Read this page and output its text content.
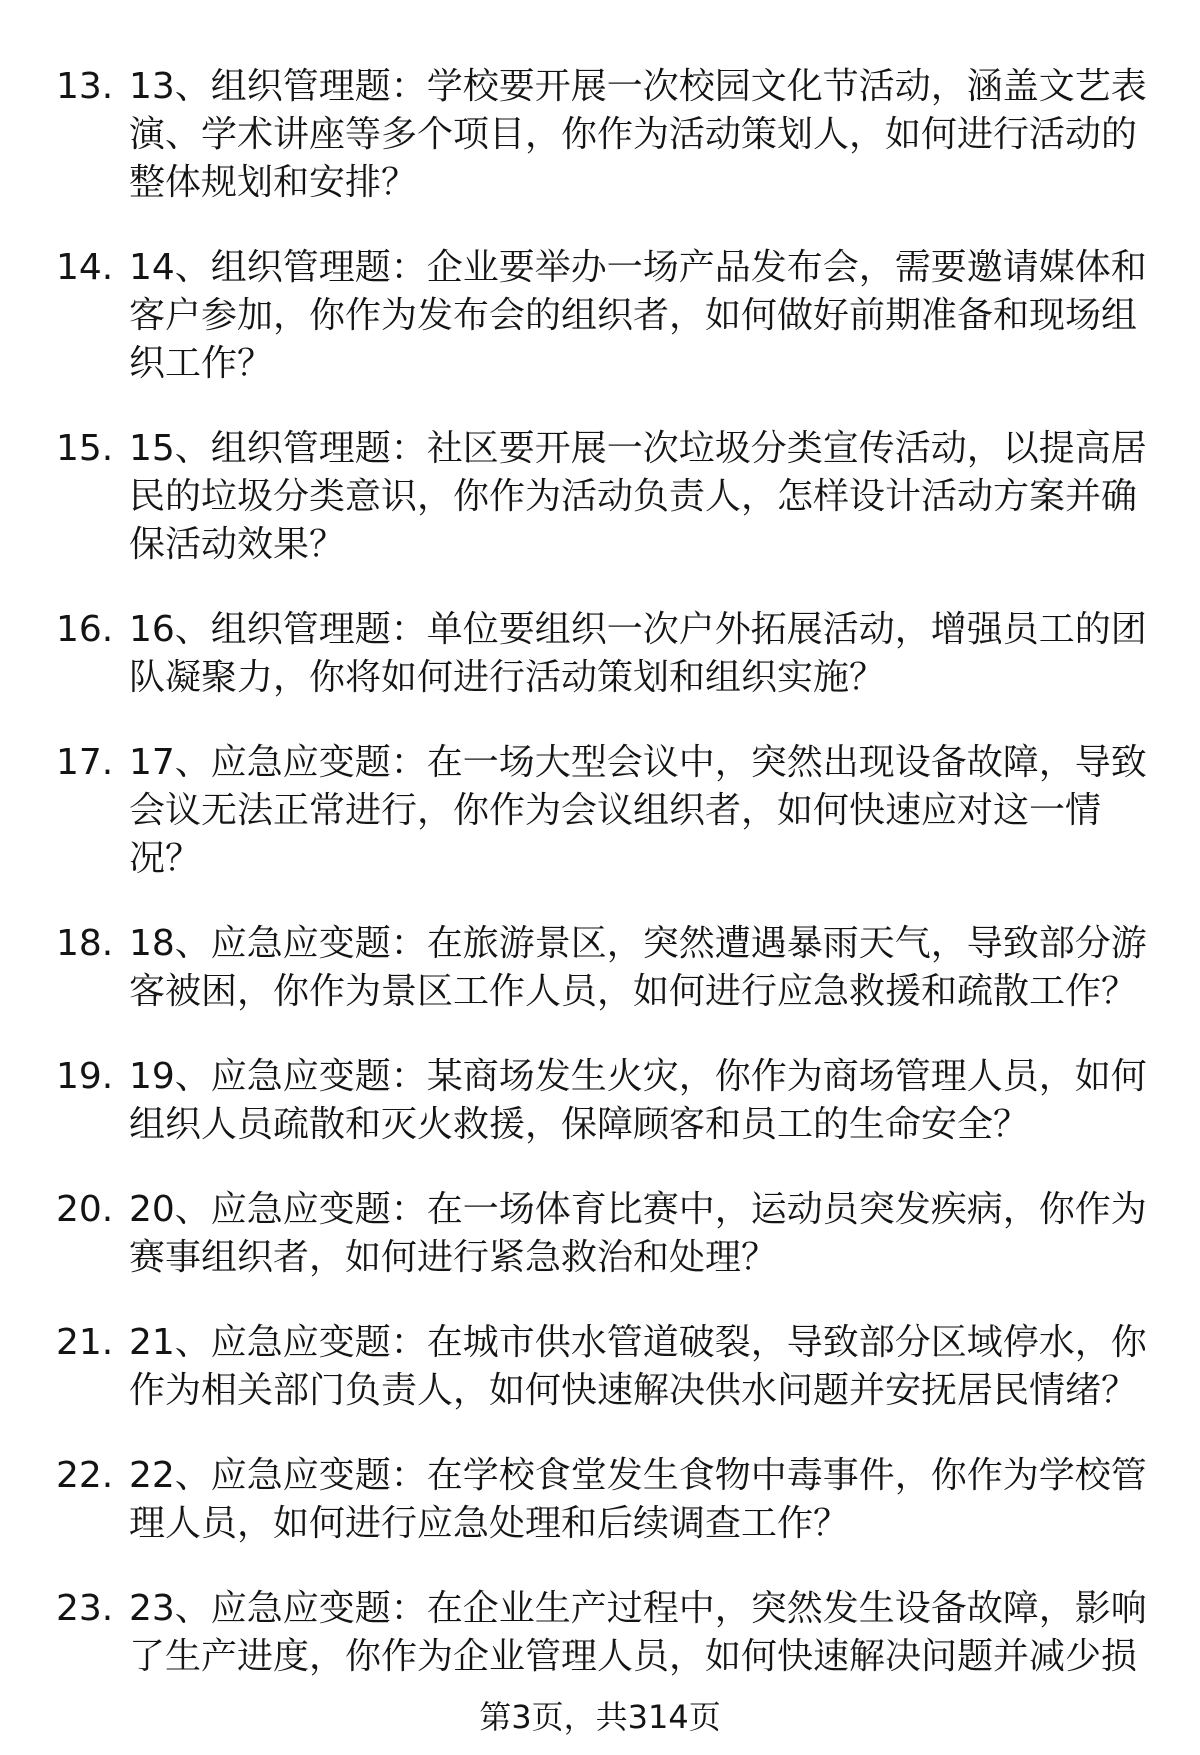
13. 13、组织管理题：学校要开展一次校园文化节活动，涵盖文艺表
演、学术讲座等多个项目，你作为活动策划人，如何进行活动的
整体规划和安排？
14. 14、组织管理题：企业要举办一场产品发布会，需要邀请媒体和
客户参加，你作为发布会的组织者，如何做好前期准备和现场组
织工作？
15. 15、组织管理题：社区要开展一次垃圾分类宣传活动，以提高居
民的垃圾分类意识，你作为活动负责人，怎样设计活动方案并确
保活动效果？
16. 16、组织管理题：单位要组织一次户外拓展活动，增强员工的团
队凝聚力，你将如何进行活动策划和组织实施？
17. 17、应急应变题：在一场大型会议中，突然出现设备故障，导致
会议无法正常进行，你作为会议组织者，如何快速应对这一情
况？
18. 18、应急应变题：在旅游景区，突然遭遇暴雨天气，导致部分游
客被困，你作为景区工作人员，如何进行应急救援和疏散工作？
19. 19、应急应变题：某商场发生火灾，你作为商场管理人员，如何
组织人员疏散和灭火救援，保障顾客和员工的生命安全？
20. 20、应急应变题：在一场体育比赛中，运动员突发疾病，你作为
赛事组织者，如何进行紧急救治和处理？
21. 21、应急应变题：在城市供水管道破裂，导致部分区域停水，你
作为相关部门负责人，如何快速解决供水问题并安抚居民情绪？
22. 22、应急应变题：在学校食堂发生食物中毒事件，你作为学校管
理人员，如何进行应急处理和后续调查工作？
23. 23、应急应变题：在企业生产过程中，突然发生设备故障，影响
了生产进度，你作为企业管理人员，如何快速解决问题并减少损
第3页，共314页
